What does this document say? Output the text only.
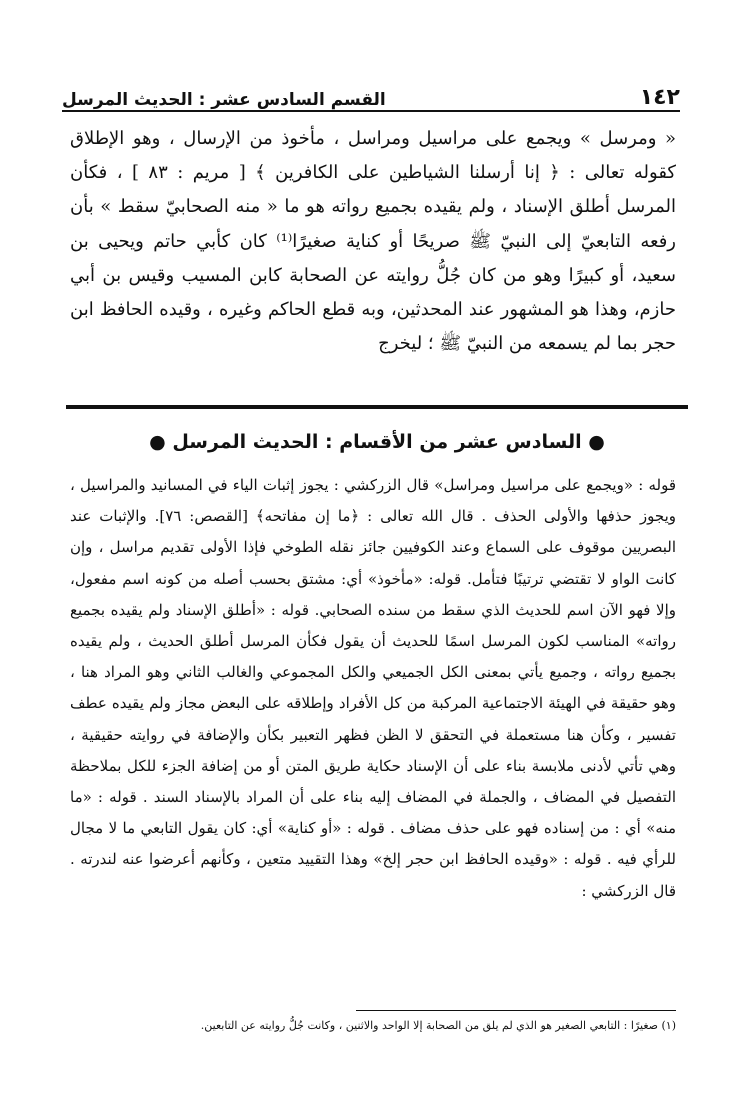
١٤٢
القسم السادس عشر : الحديث المرسل

« ومرسل » ويجمع على مراسيل ومراسل ، مأخوذ من الإرسال ، وهو الإطلاق كقوله تعالى : ﴿ إنا أرسلنا الشياطين على الكافرين ﴾ [ مريم : ٨٣ ] ، فكأن المرسل أطلق الإسناد ، ولم يقيده بجميع رواته هو ما « منه الصحابيّ سقط » بأن رفعه التابعيّ إلى النبيّ ﷺ صريحًا أو كناية صغيرًا⁽¹⁾ كان كأبي حاتم ويحيى بن سعيد، أو كبيرًا وهو من كان جُلُّ روايته عن الصحابة كابن المسيب وقيس بن أبي حازم، وهذا هو المشهور عند المحدثين، وبه قطع الحاكم وغيره ، وقيده الحافظ ابن حجر بما لم يسمعه من النبيّ ﷺ ؛ ليخرج

● السادس عشر من الأقسام : الحديث المرسل ●

قوله : «ويجمع على مراسيل ومراسل» قال الزركشي : يجوز إثبات الياء في المسانيد والمراسيل ، ويجوز حذفها والأولى الحذف . قال الله تعالى : ﴿ما إن مفاتحه﴾ [القصص: ٧٦]. والإثبات عند البصريين موقوف على السماع وعند الكوفيين جائز نقله الطوخي فإذا الأولى تقديم مراسل ، وإن كانت الواو لا تقتضي ترتيبًا فتأمل. قوله: «مأخوذ» أي: مشتق بحسب أصله من كونه اسم مفعول، وإلا فهو الآن اسم للحديث الذي سقط من سنده الصحابي. قوله : «أطلق الإسناد ولم يقيده بجميع رواته» المناسب لكون المرسل اسمًا للحديث أن يقول فكأن المرسل أطلق الحديث ، ولم يقيده بجميع رواته ، وجميع يأتي بمعنى الكل الجميعي والكل المجموعي والغالب الثاني وهو المراد هنا ، وهو حقيقة في الهيئة الاجتماعية المركبة من كل الأفراد وإطلاقه على البعض مجاز ولم يقيده عطف تفسير ، وكأن هنا مستعملة في التحقق لا الظن فظهر التعبير بكأن والإضافة في روايته حقيقية ، وهي تأتي لأدنى ملابسة بناء على أن الإسناد حكاية طريق المتن أو من إضافة الجزء للكل بملاحظة التفصيل في المضاف ، والجملة في المضاف إليه بناء على أن المراد بالإسناد السند . قوله : «ما منه» أي : من إسناده فهو على حذف مضاف . قوله : «أو كناية» أي: كان يقول التابعي ما لا مجال للرأي فيه . قوله : «وقيده الحافظ ابن حجر إلخ» وهذا التقييد متعين ، وكأنهم أعرضوا عنه لندرته . قال الزركشي :

(١) صغيرًا : التابعي الصغير هو الذي لم يلق من الصحابة إلا الواحد والاثنين ، وكانت جُلُّ روايته عن التابعين.
